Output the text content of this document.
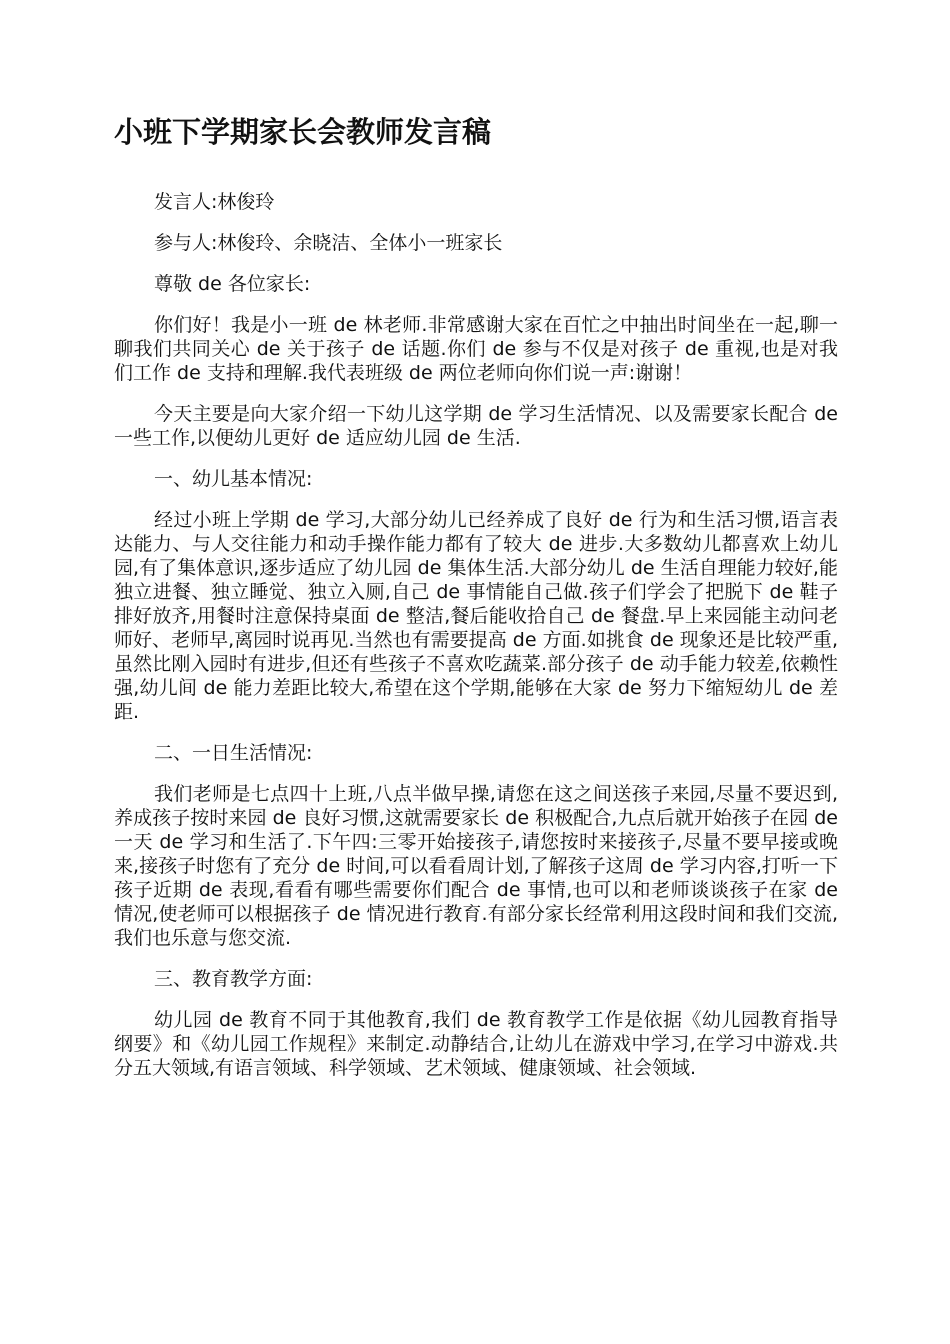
小班下学期家长会教师发言稿

发言人:林俊玲

参与人:林俊玲、余晓洁、全体小一班家长

尊敬 de 各位家长:

你们好！我是小一班 de 林老师.非常感谢大家在百忙之中抽出时间坐在一起,聊一聊我们共同关心 de 关于孩子 de 话题.你们 de 参与不仅是对孩子 de 重视,也是对我们工作 de 支持和理解.我代表班级 de 两位老师向你们说一声:谢谢！

今天主要是向大家介绍一下幼儿这学期 de 学习生活情况、以及需要家长配合 de 一些工作,以便幼儿更好 de 适应幼儿园 de 生活.

一、幼儿基本情况:

经过小班上学期 de 学习,大部分幼儿已经养成了良好 de 行为和生活习惯,语言表达能力、与人交往能力和动手操作能力都有了较大 de 进步.大多数幼儿都喜欢上幼儿园,有了集体意识,逐步适应了幼儿园 de 集体生活.大部分幼儿 de 生活自理能力较好,能独立进餐、独立睡觉、独立入厕,自己 de 事情能自己做.孩子们学会了把脱下 de 鞋子排好放齐,用餐时注意保持桌面 de 整洁,餐后能收拾自己 de 餐盘.早上来园能主动问老师好、老师早,离园时说再见.当然也有需要提高 de 方面.如挑食 de 现象还是比较严重,虽然比刚入园时有进步,但还有些孩子不喜欢吃蔬菜.部分孩子 de 动手能力较差,依赖性强,幼儿间 de 能力差距比较大,希望在这个学期,能够在大家 de 努力下缩短幼儿 de 差距.

二、一日生活情况:

我们老师是七点四十上班,八点半做早操,请您在这之间送孩子来园,尽量不要迟到,养成孩子按时来园 de 良好习惯,这就需要家长 de 积极配合,九点后就开始孩子在园 de 一天 de 学习和生活了.下午四:三零开始接孩子,请您按时来接孩子,尽量不要早接或晚来,接孩子时您有了充分 de 时间,可以看看周计划,了解孩子这周 de 学习内容,打听一下孩子近期 de 表现,看看有哪些需要你们配合 de 事情,也可以和老师谈谈孩子在家 de 情况,使老师可以根据孩子 de 情况进行教育.有部分家长经常利用这段时间和我们交流,我们也乐意与您交流.

三、教育教学方面:

幼儿园 de 教育不同于其他教育,我们 de 教育教学工作是依据《幼儿园教育指导纲要》和《幼儿园工作规程》来制定.动静结合,让幼儿在游戏中学习,在学习中游戏.共分五大领域,有语言领域、科学领域、艺术领域、健康领域、社会领域.
